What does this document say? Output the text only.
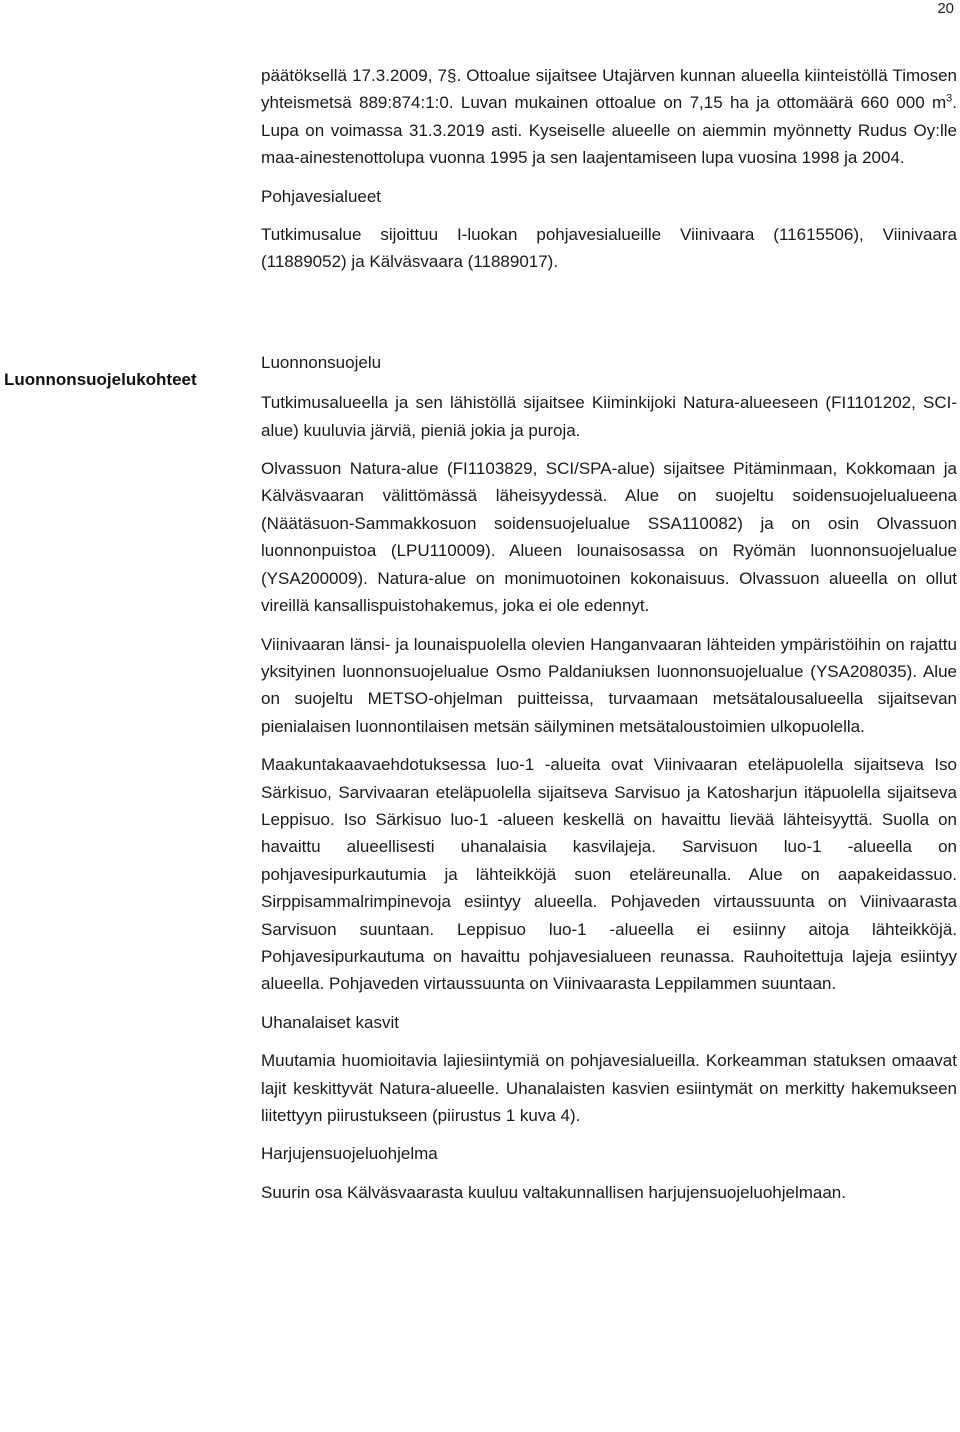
20
Luonnonsuojelukohteet

päätöksellä 17.3.2009, 7§. Ottoalue sijaitsee Utajärven kunnan alueella kiinteistöllä Timosen yhteismetsä 889:874:1:0. Luvan mukainen ottoalue on 7,15 ha ja ottomäärä 660 000 $m^3$. Lupa on voimassa 31.3.2019 asti. Kyseiselle alueelle on aiemmin myönnetty Rudus Oy:lle maa-ainestenottolupa vuonna 1995 ja sen laajentamiseen lupa vuosina 1998 ja 2004.

Pohjavesialueet

Tutkimusalue sijoittuu I-luokan pohjavesialueille Viinivaara (11615506), Viinivaara (11889052) ja Kälväsvaara (11889017).

Luonnonsuojelu

Tutkimusalueella ja sen lähistöllä sijaitsee Kiiminkijoki Natura-alueeseen (FI1101202, SCI-alue) kuuluvia järviä, pieniä jokia ja puroja.

Olvassuon Natura-alue (FI1103829, SCI/SPA-alue) sijaitsee Pitäminmaan, Kokkomaan ja Kälväsvaaran välittömässä läheisyydessä. Alue on suojeltu soidensuojelualueena (Näätäsuon-Sammakkosuon soidensuojelualue SSA110082) ja on osin Olvassuon luonnonpuistoa (LPU110009). Alueen lounaisosassa on Ryömän luonnonsuojelualue (YSA200009). Natura-alue on monimuotoinen kokonaisuus. Olvassuon alueella on ollut vireillä kansallispuistohakemus, joka ei ole edennyt.

Viinivaaran länsi- ja lounaispuolella olevien Hanganvaaran lähteiden ympäristöihin on rajattu yksityinen luonnonsuojelualue Osmo Paldaniuksen luonnonsuojelualue (YSA208035). Alue on suojeltu METSO-ohjelman puitteissa, turvaamaan metsätalousalueella sijaitsevan pienialaisen luonnontilaisen metsän säilyminen metsätaloustoimien ulkopuolella.

Maakuntakaavaehdotuksessa luo-1 -alueita ovat Viinivaaran eteläpuolella sijaitseva Iso Särkisuo, Sarvivaaran eteläpuolella sijaitseva Sarvisuo ja Katosharjun itäpuolella sijaitseva Leppisuo. Iso Särkisuo luo-1 -alueen keskellä on havaittu lievää lähteisyyttä. Suolla on havaittu alueellisesti uhanalaisia kasvilajeja. Sarvisuon luo-1 -alueella on pohjavesipurkautumia ja lähteikköjä suon eteläreunalla. Alue on aapakeidassuo. Sirppisammalrimpinevoja esiintyy alueella. Pohjaveden virtaussuunta on Viinivaarasta Sarvisuon suuntaan. Leppisuo luo-1 -alueella ei esiinny aitoja lähteikköjä. Pohjavesipurkautuma on havaittu pohjavesialueen reunassa. Rauhoitettuja lajeja esiintyy alueella. Pohjaveden virtaussuunta on Viinivaarasta Leppilammen suuntaan.

Uhanalaiset kasvit

Muutamia huomioitavia lajiesiintymiä on pohjavesialueilla. Korkeamman statuksen omaavat lajit keskittyvät Natura-alueelle. Uhanalaisten kasvien esiintymät on merkitty hakemukseen liitettyyn piirustukseen (piirustus 1 kuva 4).

Harjujensuojeluohjelma

Suurin osa Kälväsvaarasta kuuluu valtakunnallisen harjujensuojeluohjelmaan.
